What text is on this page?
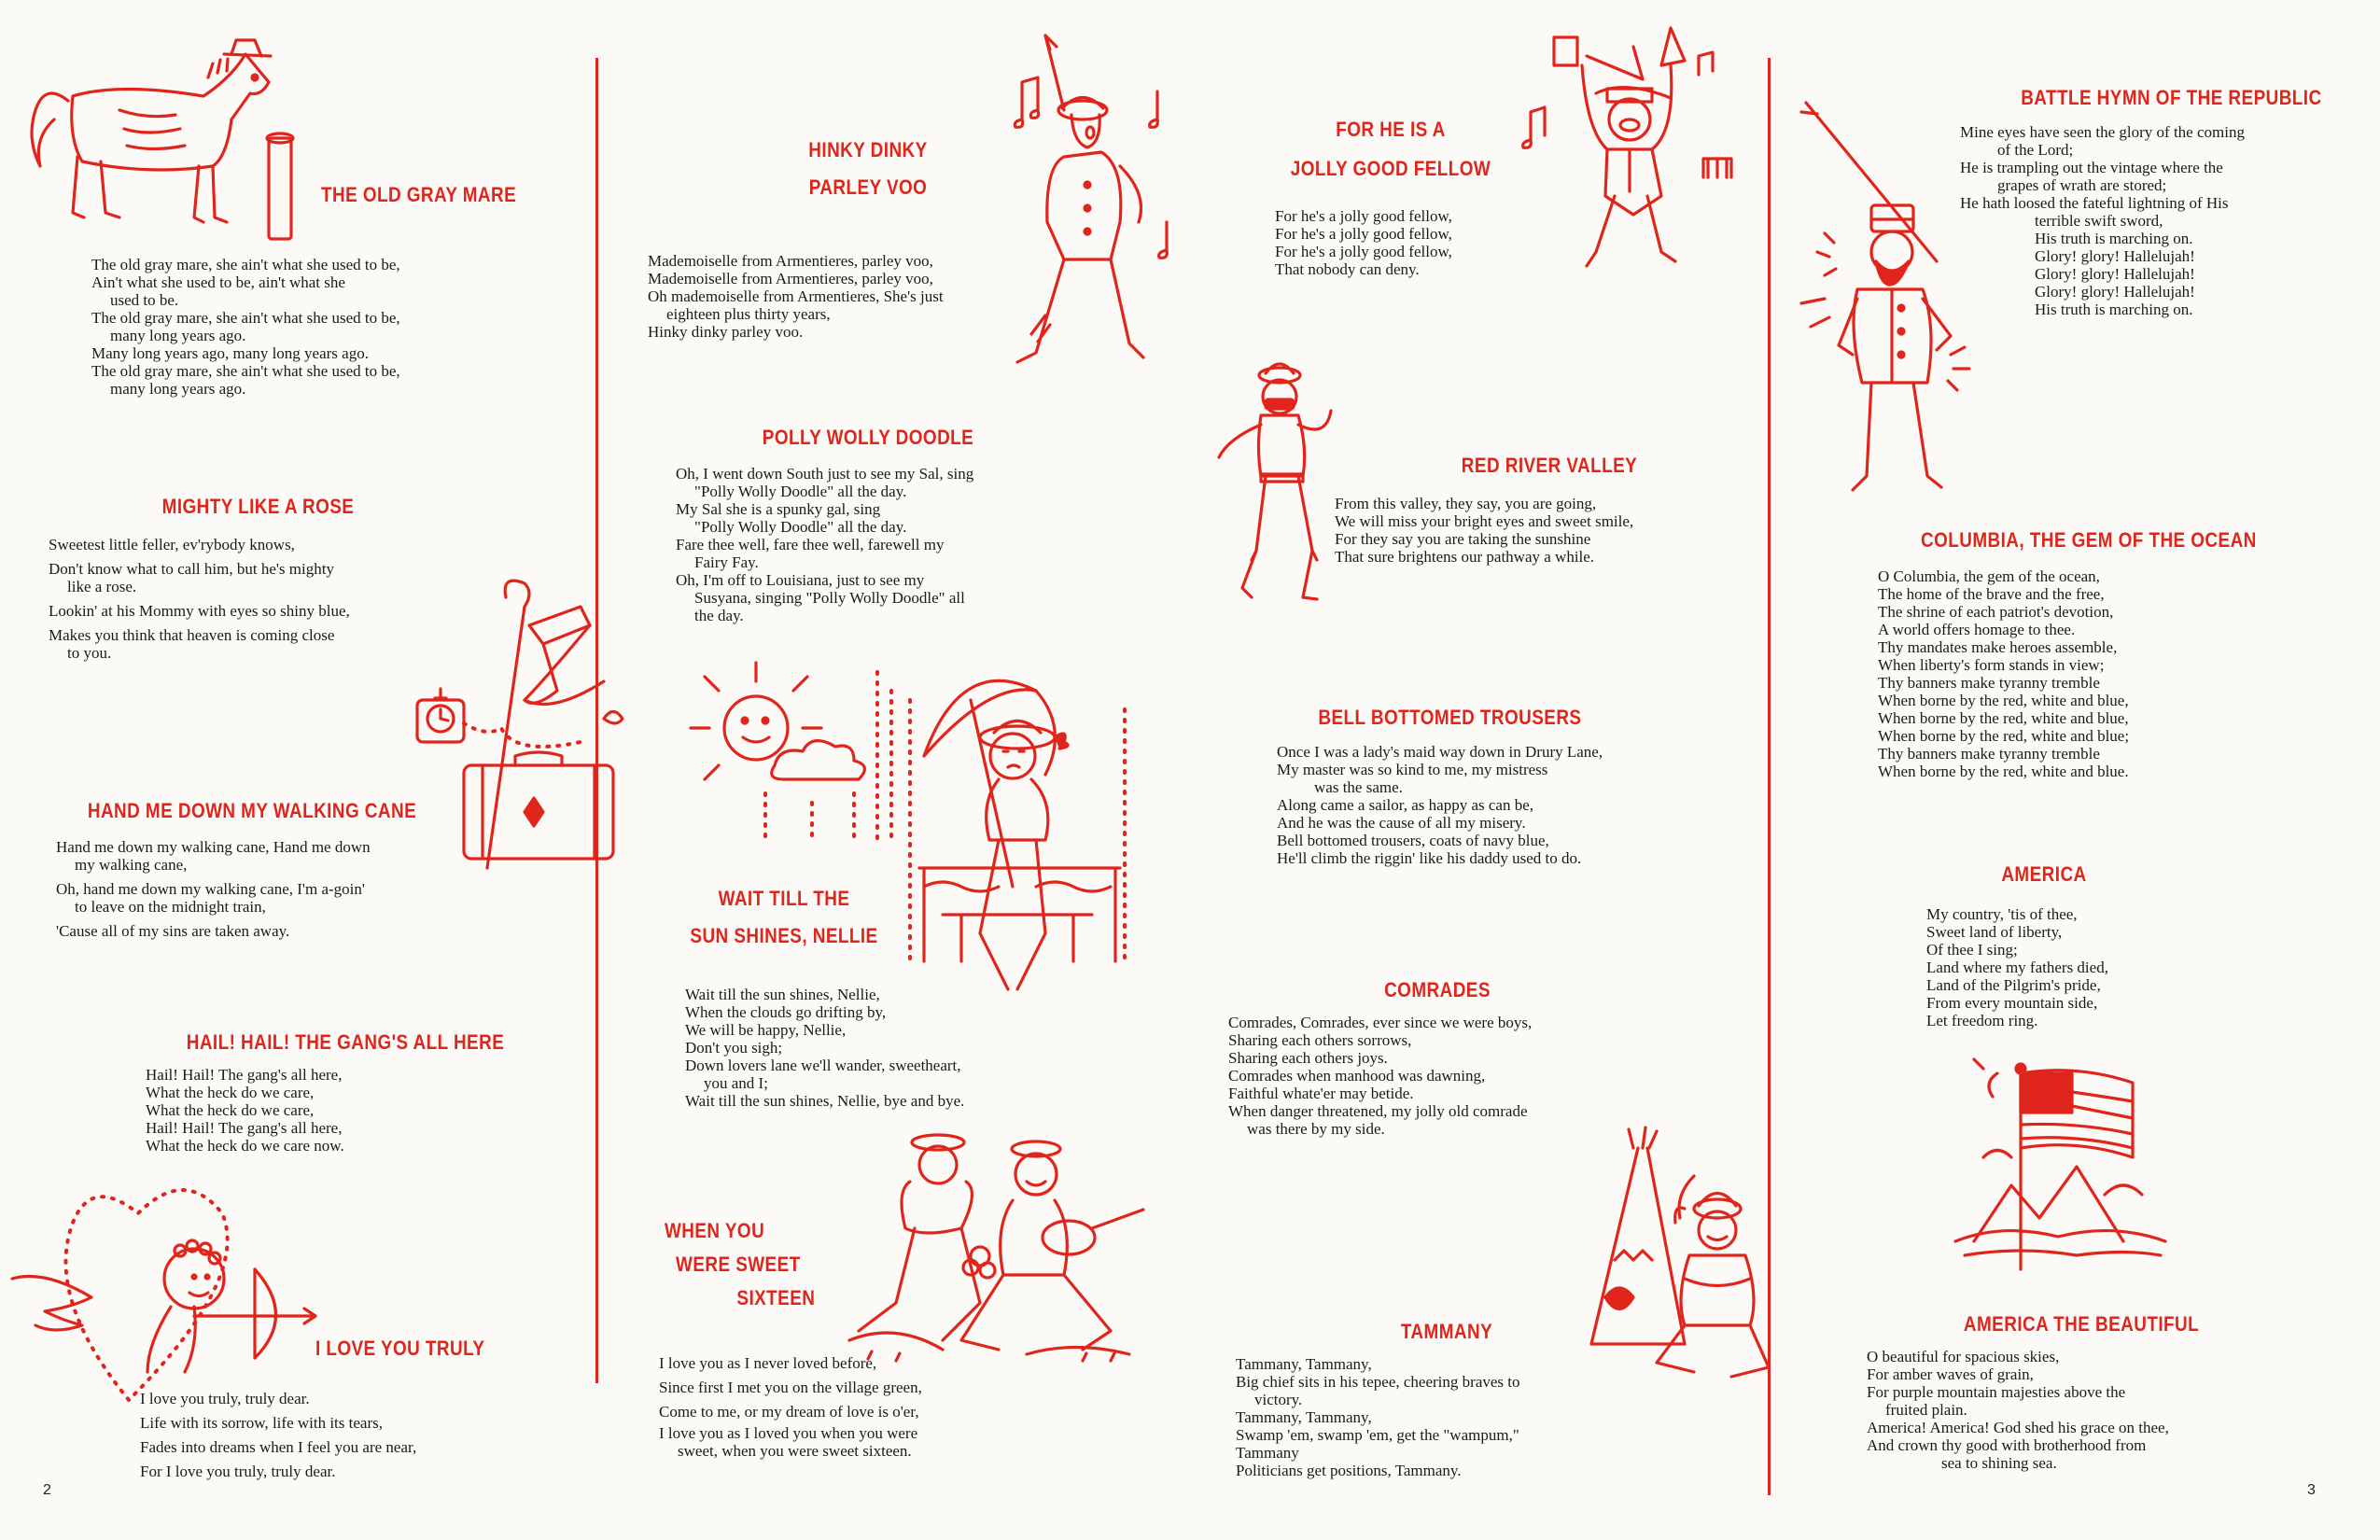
THE OLD GRAY MARE
MIGHTY LIKE A ROSE
HAND ME DOWN MY WALKING CANE
HAIL! HAIL! THE GANG'S ALL HERE
I LOVE YOU TRULY
HINKY DINKY
PARLEY VOO
POLLY WOLLY DOODLE
WAIT TILL THE
SUN SHINES, NELLIE
WHEN YOU
WERE SWEET
SIXTEEN
FOR HE IS A
JOLLY GOOD FELLOW
RED RIVER VALLEY
BELL BOTTOMED TROUSERS
COMRADES
TAMMANY
BATTLE HYMN OF THE REPUBLIC
COLUMBIA, THE GEM OF THE OCEAN
AMERICA
AMERICA THE BEAUTIFUL
The old gray mare, she ain't what she used to be,
Ain't what she used to be, ain't what she
used to be.
The old gray mare, she ain't what she used to be,
many long years ago.
Many long years ago, many long years ago.
The old gray mare, she ain't what she used to be,
many long years ago.
Sweetest little feller, ev'rybody knows,
Don't know what to call him, but he's mighty
like a rose.
Lookin' at his Mommy with eyes so shiny blue,
Makes you think that heaven is coming close
to you.
Hand me down my walking cane, Hand me down
my walking cane,
Oh, hand me down my walking cane, I'm a-goin'
to leave on the midnight train,
'Cause all of my sins are taken away.
Hail! Hail! The gang's all here,
What the heck do we care,
What the heck do we care,
Hail! Hail! The gang's all here,
What the heck do we care now.
I love you truly, truly dear.
Life with its sorrow, life with its tears,
Fades into dreams when I feel you are near,
For I love you truly, truly dear.
Mademoiselle from Armentieres, parley voo,
Mademoiselle from Armentieres, parley voo,
Oh mademoiselle from Armentieres, She's just
eighteen plus thirty years,
Hinky dinky parley voo.
Oh, I went down South just to see my Sal, sing
"Polly Wolly Doodle" all the day.
My Sal she is a spunky gal, sing
"Polly Wolly Doodle" all the day.
Fare thee well, fare thee well, farewell my
Fairy Fay.
Oh, I'm off to Louisiana, just to see my
Susyana, singing "Polly Wolly Doodle" all
the day.
Wait till the sun shines, Nellie,
When the clouds go drifting by,
We will be happy, Nellie,
Don't you sigh;
Down lovers lane we'll wander, sweetheart,
you and I;
Wait till the sun shines, Nellie, bye and bye.
I love you as I never loved before,
Since first I met you on the village green,
Come to me, or my dream of love is o'er,
I love you as I loved you when you were
sweet, when you were sweet sixteen.
For he's a jolly good fellow,
For he's a jolly good fellow,
For he's a jolly good fellow,
That nobody can deny.
From this valley, they say, you are going,
We will miss your bright eyes and sweet smile,
For they say you are taking the sunshine
That sure brightens our pathway a while.
Once I was a lady's maid way down in Drury Lane,
My master was so kind to me, my mistress
was the same.
Along came a sailor, as happy as can be,
And he was the cause of all my misery.
Bell bottomed trousers, coats of navy blue,
He'll climb the riggin' like his daddy used to do.
Comrades, Comrades, ever since we were boys,
Sharing each others sorrows,
Sharing each others joys.
Comrades when manhood was dawning,
Faithful whate'er may betide.
When danger threatened, my jolly old comrade
was there by my side.
Tammany, Tammany,
Big chief sits in his tepee, cheering braves to
victory.
Tammany, Tammany,
Swamp 'em, swamp 'em, get the "wampum,"
Tammany
Politicians get positions, Tammany.
Mine eyes have seen the glory of the coming
of the Lord;
He is trampling out the vintage where the
grapes of wrath are stored;
He hath loosed the fateful lightning of His
terrible swift sword,
His truth is marching on.
Glory! glory! Hallelujah!
Glory! glory! Hallelujah!
Glory! glory! Hallelujah!
His truth is marching on.
O Columbia, the gem of the ocean,
The home of the brave and the free,
The shrine of each patriot's devotion,
A world offers homage to thee.
Thy mandates make heroes assemble,
When liberty's form stands in view;
Thy banners make tyranny tremble
When borne by the red, white and blue,
When borne by the red, white and blue,
When borne by the red, white and blue;
Thy banners make tyranny tremble
When borne by the red, white and blue.
My country, 'tis of thee,
Sweet land of liberty,
Of thee I sing;
Land where my fathers died,
Land of the Pilgrim's pride,
From every mountain side,
Let freedom ring.
O beautiful for spacious skies,
For amber waves of grain,
For purple mountain majesties above the
fruited plain.
America! America! God shed his grace on thee,
And crown thy good with brotherhood from
sea to shining sea.
2	3
